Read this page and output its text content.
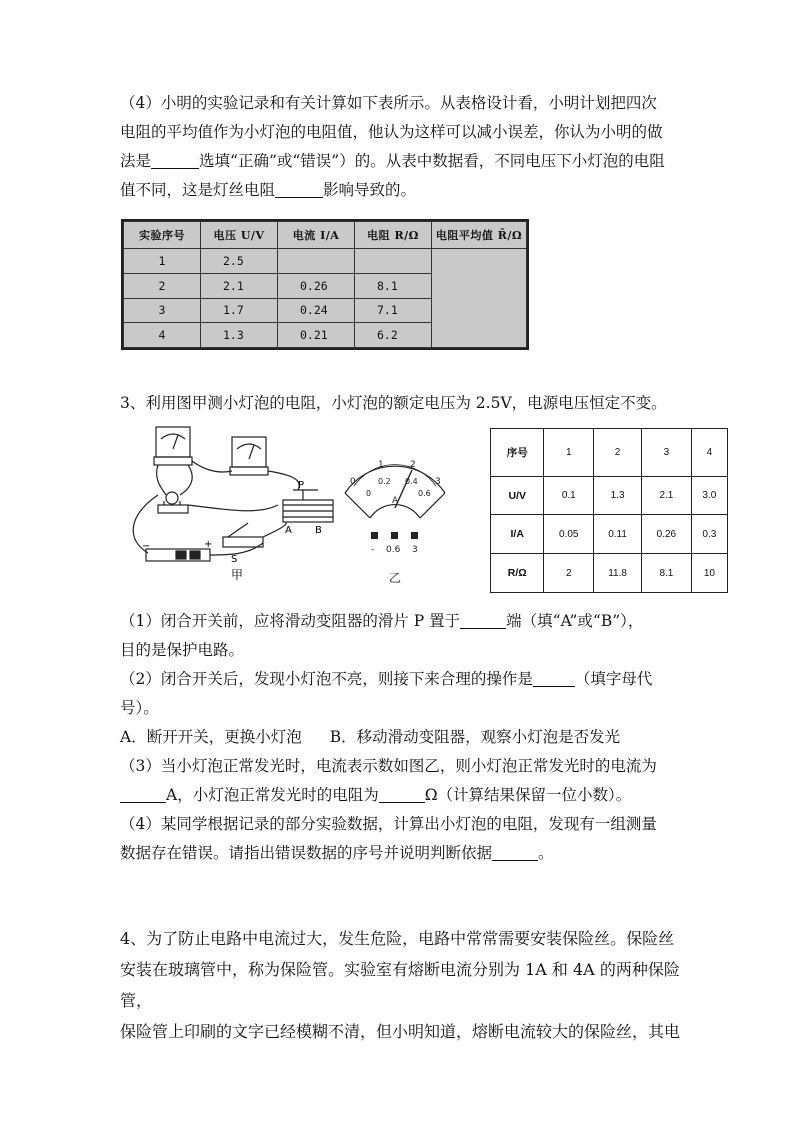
（4）小明的实验记录和有关计算如下表所示。从表格设计看，小明计划把四次

电阻的平均值作为小灯泡的电阻值，他认为这样可以减小误差，你认为小明的做

法是	选填“正确”或“错误”）的。从表中数据看，不同电压下小灯泡的电阻

值不同，这是灯丝电阻	影响导致的。

实验序号	电压 U/V	电流 I/A	电阻 R/Ω	电阻平均值 R̄/Ω
1	2.5			
2	2.1	0.26	8.1	
3	1.7	0.24	7.1	
4	1.3	0.21	6.2	

3、利用图甲测小灯泡的电阻，小灯泡的额定电压为 2.5V，电源电压恒定不变。

P
A B
S
−	+
甲
0
1	2
3
0
0.2 0.4
0.6
A
- 0.6 3
乙
序号	1	2	3	4
U/V	0.1	1.3	2.1	3.0
I/A	0.05	0.11	0.26	0.3
R/Ω	2	11.8	8.1	10

（1）闭合开关前，应将滑动变阻器的滑片 P 置于	端（填“A”或“B”），

目的是保护电路。

（2）闭合开关后，发现小灯泡不亮，则接下来合理的操作是	（填字母代

号）。

A．断开开关，更换小灯泡 B．移动滑动变阻器，观察小灯泡是否发光

（3）当小灯泡正常发光时，电流表示数如图乙，则小灯泡正常发光时的电流为

A，小灯泡正常发光时的电阻为	Ω（计算结果保留一位小数）。

（4）某同学根据记录的部分实验数据，计算出小灯泡的电阻，发现有一组测量

数据存在错误。请指出错误数据的序号并说明判断依据	。

4、为了防止电路中电流过大，发生危险，电路中常常需要安装保险丝。保险丝

安装在玻璃管中，称为保险管。实验室有熔断电流分别为 1A 和 4A 的两种保险管，

保险管上印刷的文字已经模糊不清，但小明知道，熔断电流较大的保险丝，其电
